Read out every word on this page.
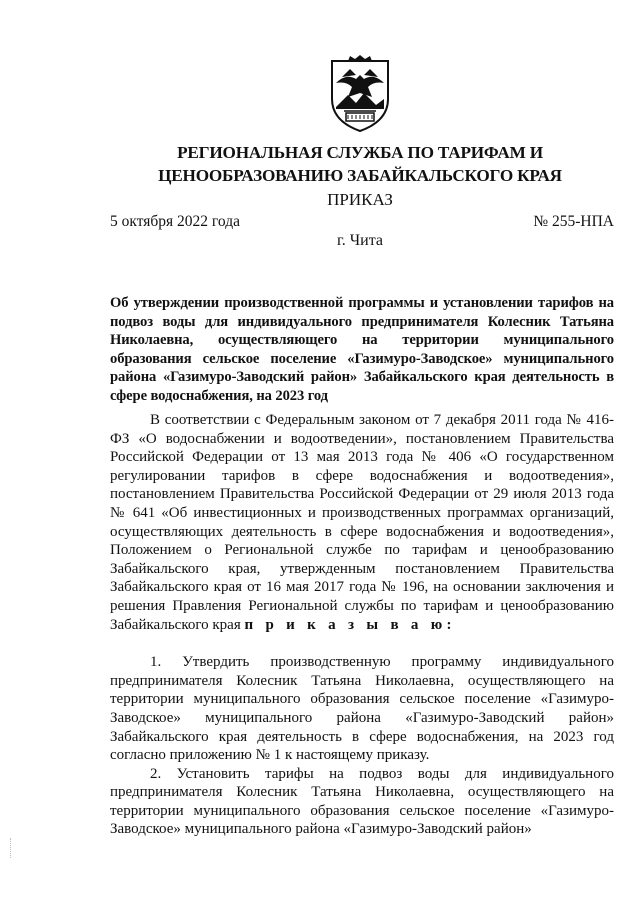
РЕГИОНАЛЬНАЯ СЛУЖБА ПО ТАРИФАМ И
ЦЕНООБРАЗОВАНИЮ ЗАБАЙКАЛЬСКОГО КРАЯ
ПРИКАЗ
5 октября 2022 года	№ 255-НПА
г. Чита
Об утверждении производственной программы и установлении тарифов на подвоз воды для индивидуального предпринимателя Колесник Татьяна Николаевна, осуществляющего на территории муниципального образования сельское поселение «Газимуро-Заводское» муниципального района «Газимуро-Заводский район» Забайкальского края деятельность в сфере водоснабжения, на 2023 год

В соответствии с Федеральным законом от 7 декабря 2011 года № 416-ФЗ «О водоснабжении и водоотведении», постановлением Правительства Российской Федерации от 13 мая 2013 года № 406 «О государственном регулировании тарифов в сфере водоснабжения и водоотведения», постановлением Правительства Российской Федерации от 29 июля 2013 года № 641 «Об инвестиционных и производственных программах организаций, осуществляющих деятельность в сфере водоснабжения и водоотведения», Положением о Региональной службе по тарифам и ценообразованию Забайкальского края, утвержденным постановлением Правительства Забайкальского края от 16 мая 2017 года № 196, на основании заключения и решения Правления Региональной службы по тарифам и ценообразованию Забайкальского края п р и к а з ы в а ю:

1. Утвердить производственную программу индивидуального предпринимателя Колесник Татьяна Николаевна, осуществляющего на территории муниципального образования сельское поселение «Газимуро-Заводское» муниципального района «Газимуро-Заводский район» Забайкальского края деятельность в сфере водоснабжения, на 2023 год согласно приложению № 1 к настоящему приказу.

2. Установить тарифы на подвоз воды для индивидуального предпринимателя Колесник Татьяна Николаевна, осуществляющего на территории муниципального образования сельское поселение «Газимуро-Заводское» муниципального района «Газимуро-Заводский район»
